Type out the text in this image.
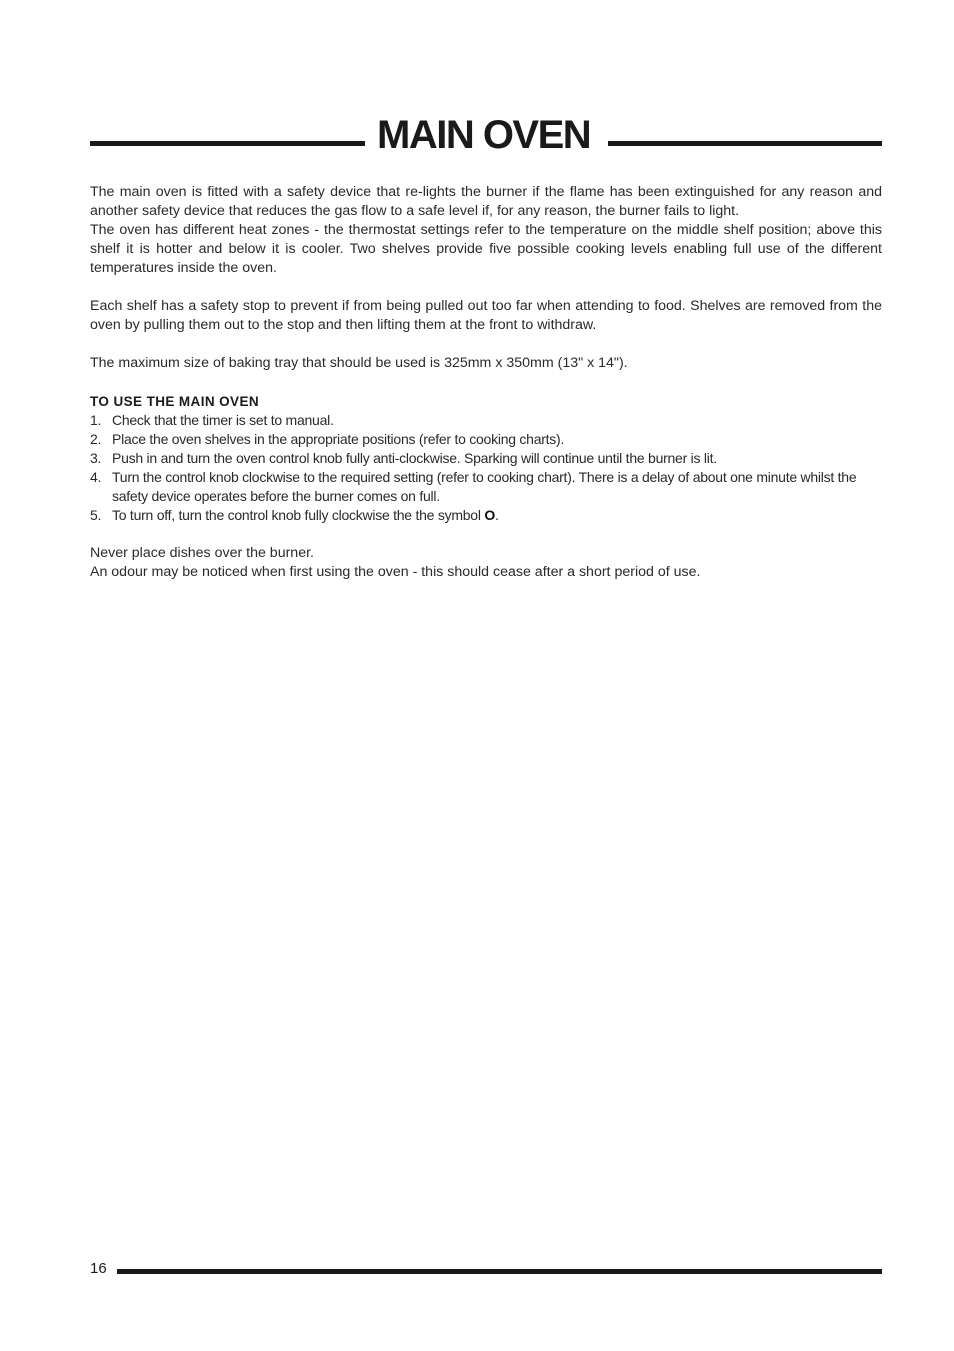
MAIN OVEN

The main oven is fitted with a safety device that re-lights the burner if the flame has been extinguished for any reason and another safety device that reduces the gas flow to a safe level if, for any reason, the burner fails to light.

The oven has different heat zones - the thermostat settings refer to the temperature on the middle shelf position; above this shelf it is hotter and below it is cooler. Two shelves provide five possible cooking levels enabling full use of the different temperatures inside the oven.

Each shelf has a safety stop to prevent if from being pulled out too far when attending to food. Shelves are removed from the oven by pulling them out to the stop and then lifting them at the front to withdraw.

The maximum size of baking tray that should be used is 325mm x 350mm (13" x 14").

TO USE THE MAIN OVEN
1. Check that the timer is set to manual.
2. Place the oven shelves in the appropriate positions (refer to cooking charts).
3. Push in and turn the oven control knob fully anti-clockwise. Sparking will continue until the burner is lit.
4. Turn the control knob clockwise to the required setting (refer to cooking chart). There is a delay of about one minute whilst the safety device operates before the burner comes on full.
5. To turn off, turn the control knob fully clockwise the the symbol O.

Never place dishes over the burner.

An odour may be noticed when first using the oven - this should cease after a short period of use.

16
